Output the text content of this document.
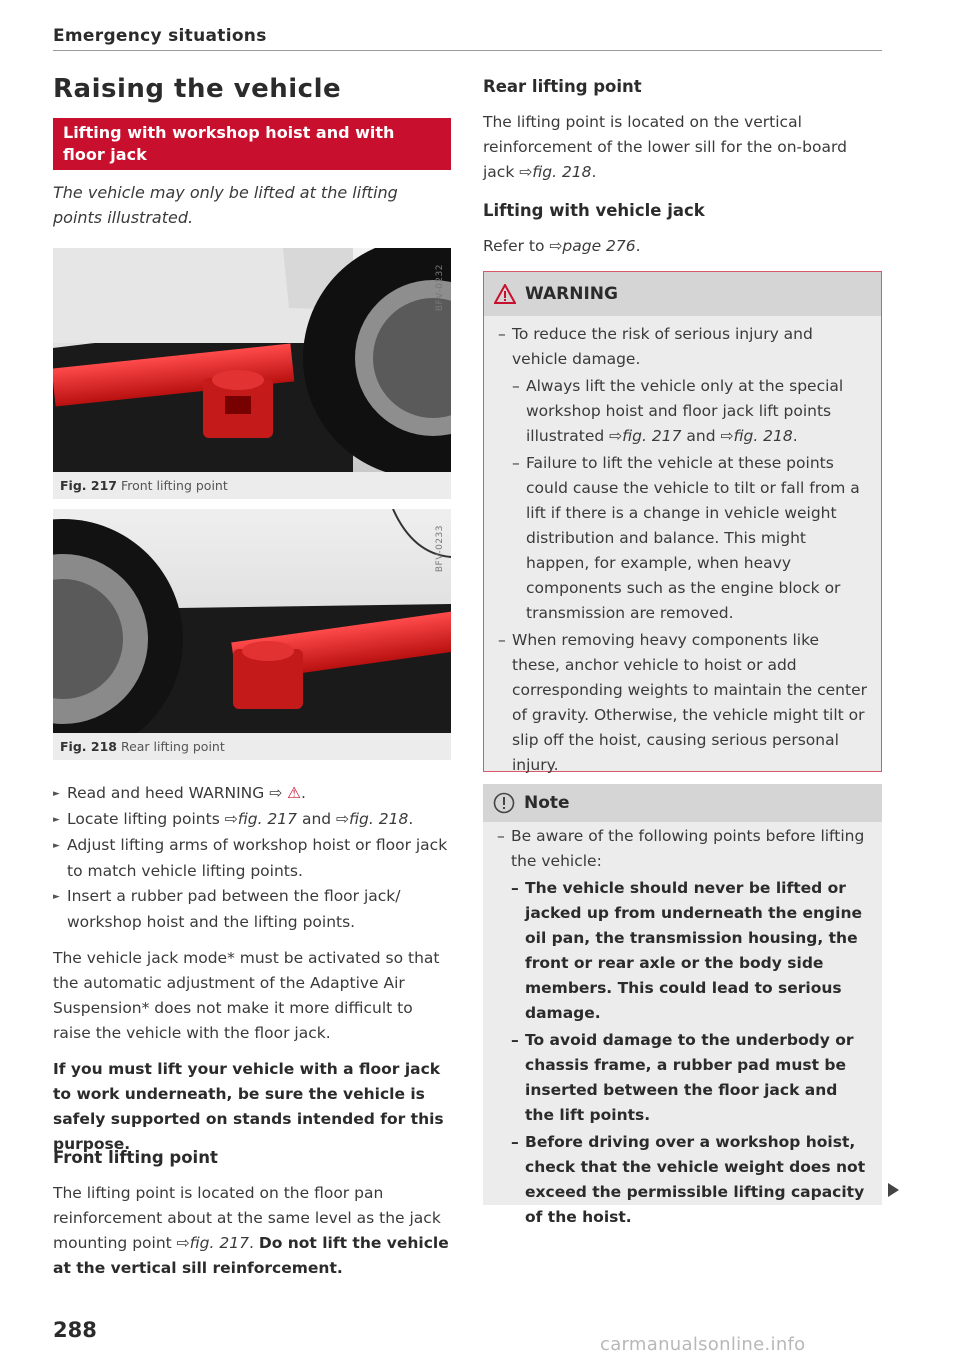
Emergency situations
Raising the vehicle
Lifting with workshop hoist and with floor jack
The vehicle may only be lifted at the lifting points illustrated.
BFV-0232
Fig. 217 Front lifting point
BFV-0233
Fig. 218 Rear lifting point
► Read and heed WARNING ⇨ ⚠.
► Locate lifting points ⇨fig. 217 and ⇨fig. 218.
► Adjust lifting arms of workshop hoist or floor jack to match vehicle lifting points.
► Insert a rubber pad between the floor jack/ workshop hoist and the lifting points.
The vehicle jack mode* must be activated so that the automatic adjustment of the Adaptive Air Suspension* does not make it more difficult to raise the vehicle with the floor jack.
If you must lift your vehicle with a floor jack to work underneath, be sure the vehicle is safely supported on stands intended for this purpose.
Front lifting point
The lifting point is located on the floor pan reinforcement about at the same level as the jack mounting point ⇨fig. 217. Do not lift the vehicle at the vertical sill reinforcement.
288
Rear lifting point
The lifting point is located on the vertical reinforcement of the lower sill for the on-board jack ⇨fig. 218.
Lifting with vehicle jack
Refer to ⇨page 276.
WARNING
– To reduce the risk of serious injury and vehicle damage.
– Always lift the vehicle only at the special workshop hoist and floor jack lift points illustrated ⇨fig. 217 and ⇨fig. 218.
– Failure to lift the vehicle at these points could cause the vehicle to tilt or fall from a lift if there is a change in vehicle weight distribution and balance. This might happen, for example, when heavy components such as the engine block or transmission are removed.
– When removing heavy components like these, anchor vehicle to hoist or add corresponding weights to maintain the center of gravity. Otherwise, the vehicle might tilt or slip off the hoist, causing serious personal injury.
Note
– Be aware of the following points before lifting the vehicle:
– The vehicle should never be lifted or jacked up from underneath the engine oil pan, the transmission housing, the front or rear axle or the body side members. This could lead to serious damage.
– To avoid damage to the underbody or chassis frame, a rubber pad must be inserted between the floor jack and the lift points.
– Before driving over a workshop hoist, check that the vehicle weight does not exceed the permissible lifting capacity of the hoist.
carmanualsonline.info
